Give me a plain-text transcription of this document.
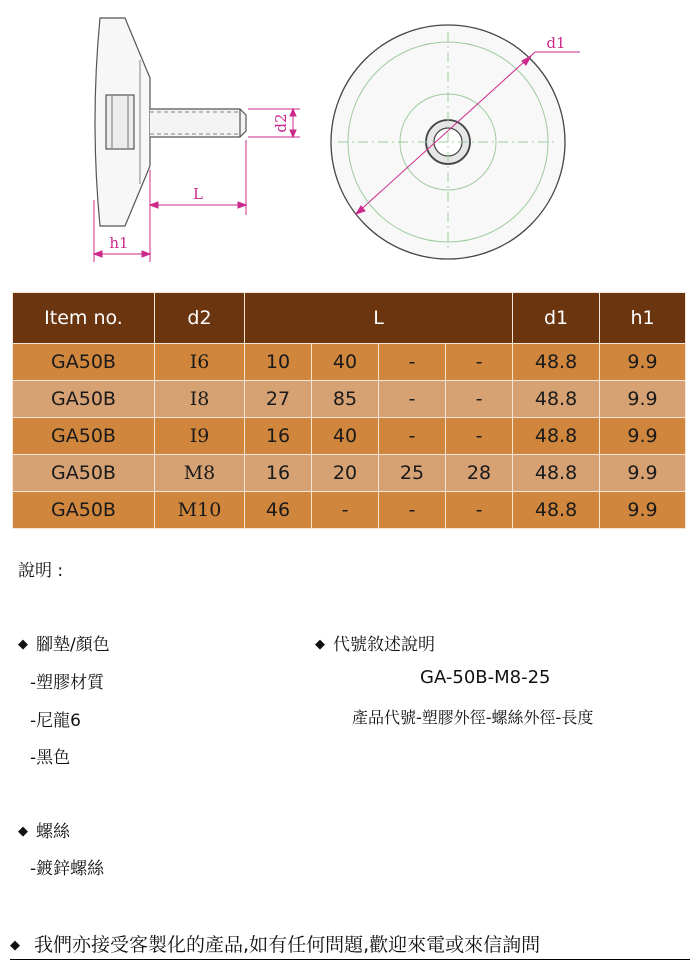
d2
L
h1
d1
Item no.	d2	L				d1	h1
GA50B	I6	10	40	-	-	48.8	9.9
GA50B	I8	27	85	-	-	48.8	9.9
GA50B	I9	16	40	-	-	48.8	9.9
GA50B	M8	16	20	25	28	48.8	9.9
GA50B	M10	46	-	-	-	48.8	9.9
說明 :
◆ 腳墊/顏色
-塑膠材質
-尼龍6
-黑色
◆ 螺絲
-鍍鋅螺絲
◆ 代號敘述說明
GA-50B-M8-25
產品代號-塑膠外徑-螺絲外徑-長度
◆ 我們亦接受客製化的產品,如有任何問題,歡迎來電或來信詢問
